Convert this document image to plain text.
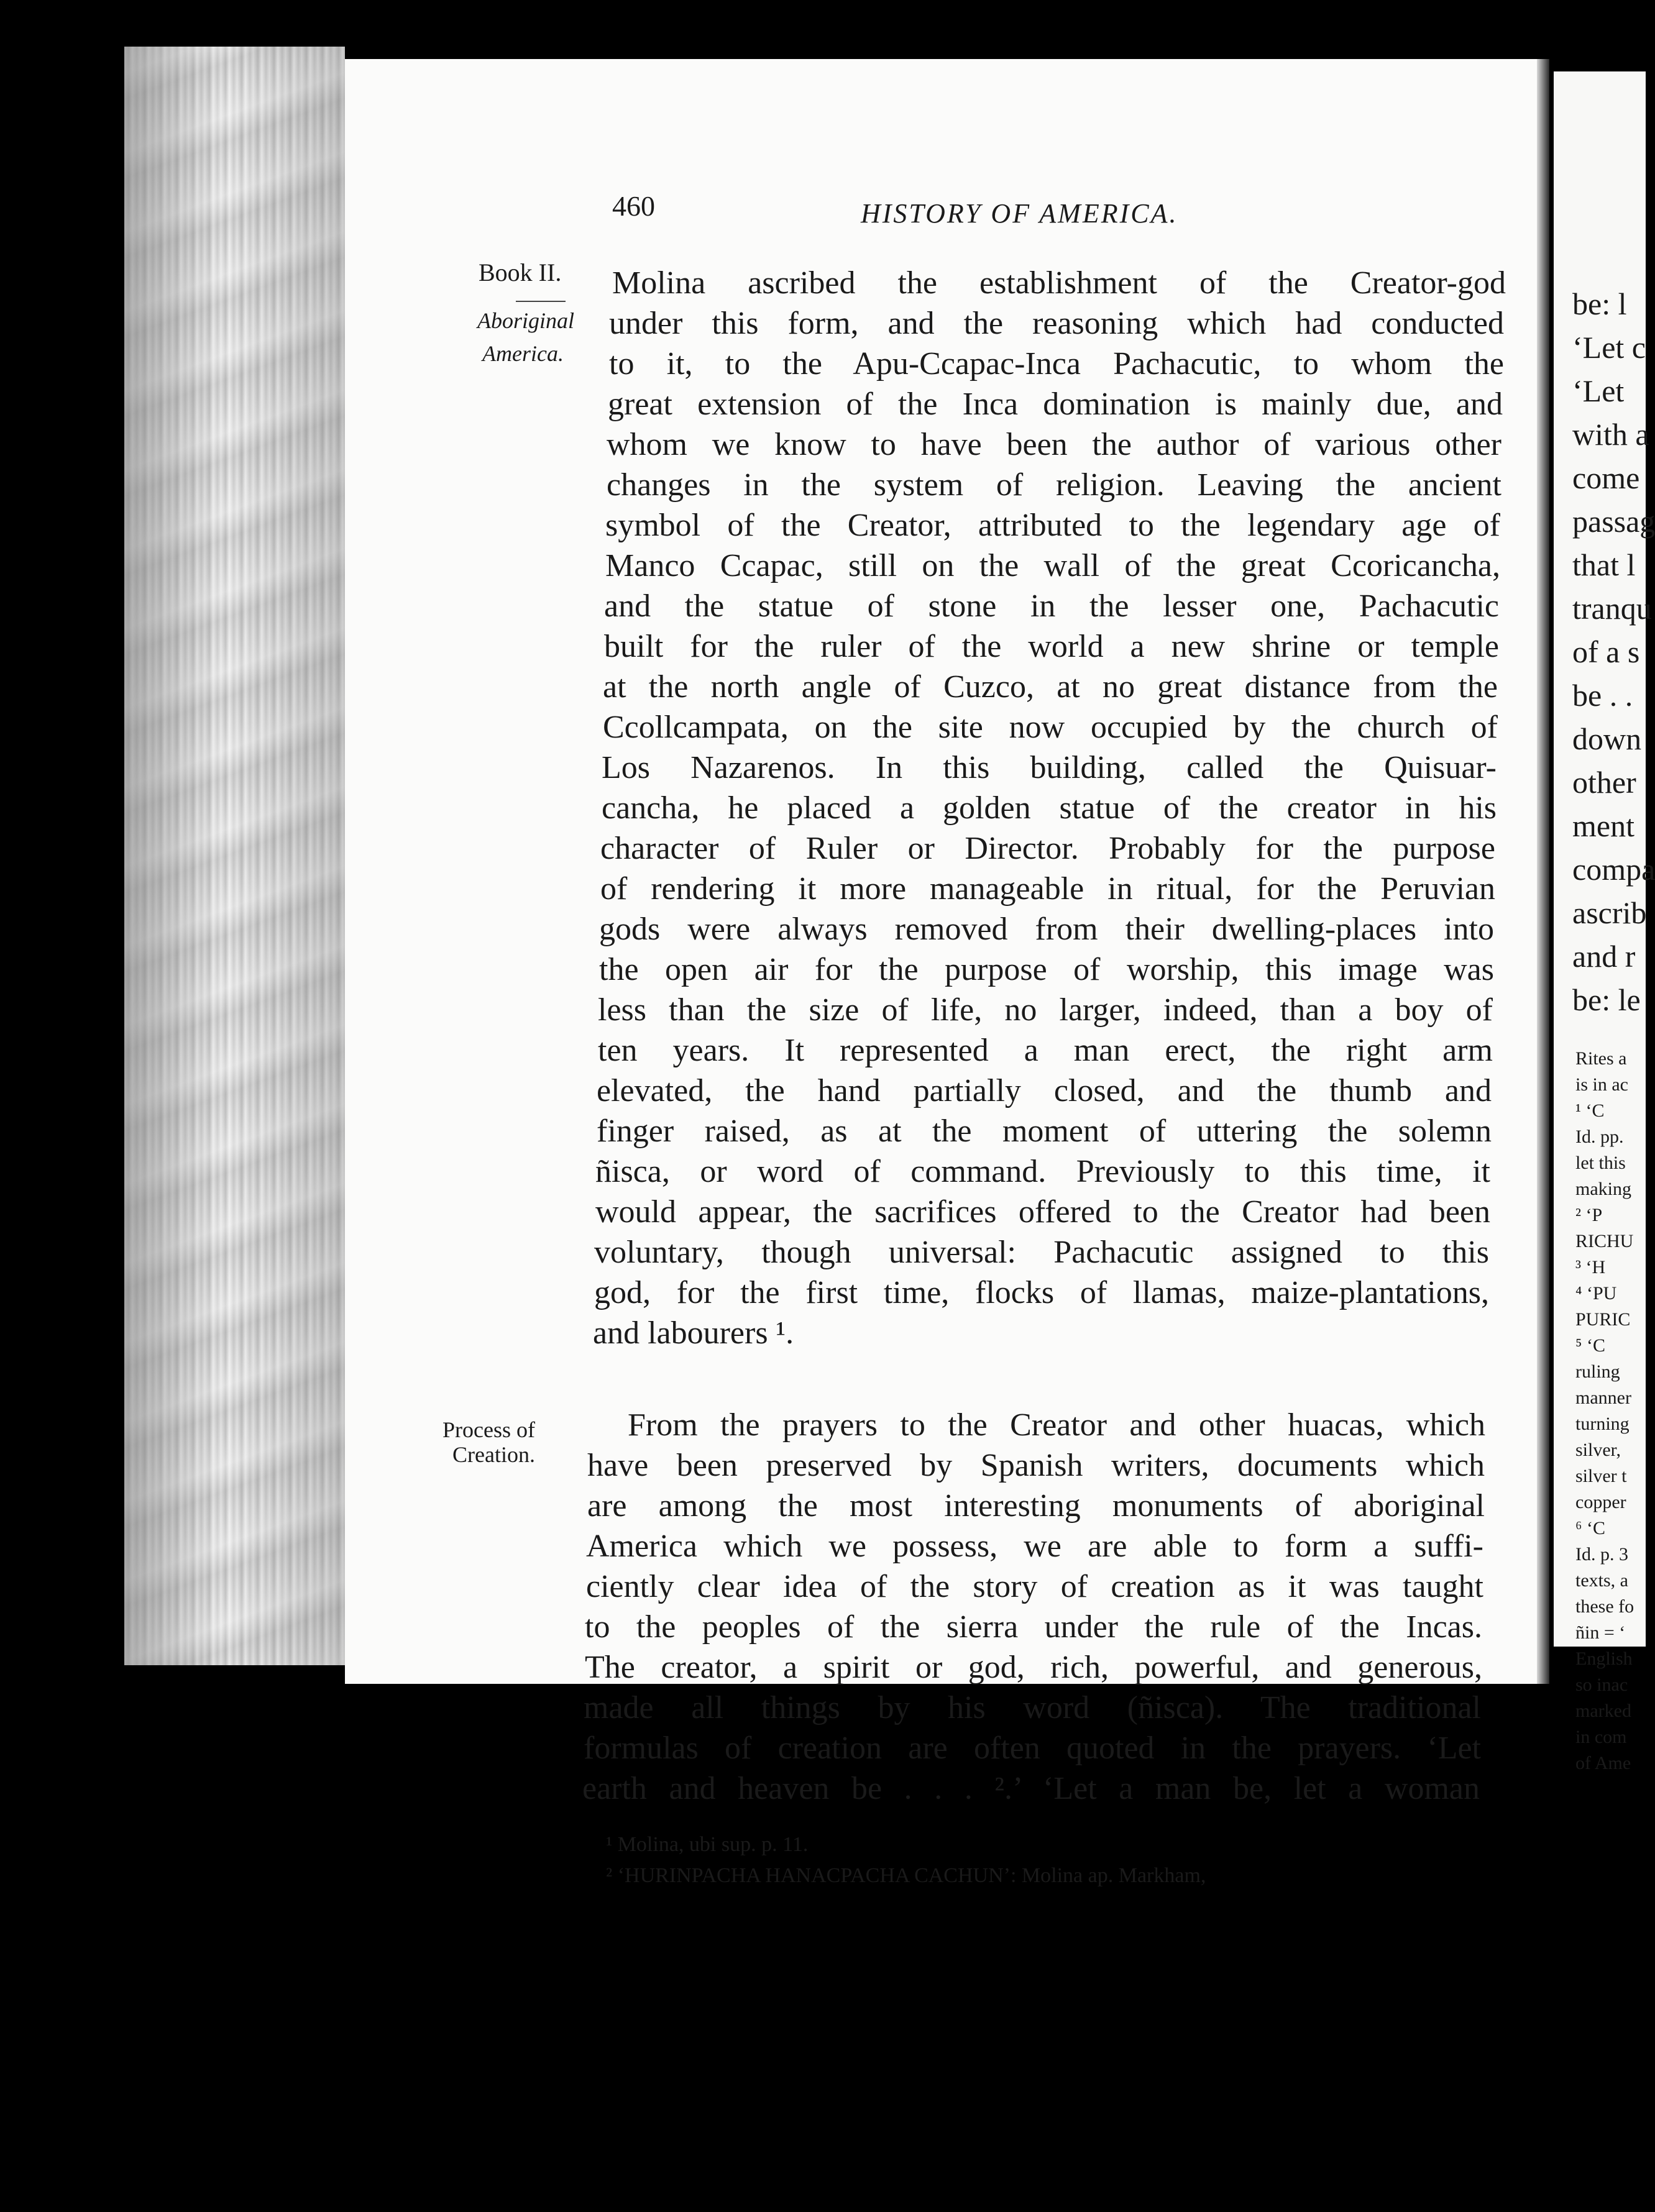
460	HISTORY OF AMERICA.
Book II.
Aboriginal
America.
Process of
Creation.
Molina ascribed the establishment of the Creator-god
under this form, and the reasoning which had conducted
to it, to the Apu-Ccapac-Inca Pachacutic, to whom the
great extension of the Inca domination is mainly due, and
whom we know to have been the author of various other
changes in the system of religion. Leaving the ancient
symbol of the Creator, attributed to the legendary age of
Manco Ccapac, still on the wall of the great Ccoricancha,
and the statue of stone in the lesser one, Pachacutic
built for the ruler of the world a new shrine or temple
at the north angle of Cuzco, at no great distance from the
Ccollcampata, on the site now occupied by the church of
Los Nazarenos. In this building, called the Quisuar-
cancha, he placed a golden statue of the creator in his
character of Ruler or Director. Probably for the purpose
of rendering it more manageable in ritual, for the Peruvian
gods were always removed from their dwelling-places into
the open air for the purpose of worship, this image was
less than the size of life, no larger, indeed, than a boy of
ten years. It represented a man erect, the right arm
elevated, the hand partially closed, and the thumb and
finger raised, as at the moment of uttering the solemn
ñisca, or word of command. Previously to this time, it
would appear, the sacrifices offered to the Creator had been
voluntary, though universal: Pachacutic assigned to this
god, for the first time, flocks of llamas, maize-plantations,
and labourers ¹.
From the prayers to the Creator and other huacas, which
have been preserved by Spanish writers, documents which
are among the most interesting monuments of aboriginal
America which we possess, we are able to form a suffi-
ciently clear idea of the story of creation as it was taught
to the peoples of the sierra under the rule of the Incas.
The creator, a spirit or god, rich, powerful, and generous,
made all things by his word (ñisca). The traditional
formulas of creation are often quoted in the prayers. ‘Let
earth and heaven be . . . ².’ ‘Let a man be, let a woman
¹ Molina, ubi sup. p. 11.
² ‘HURINPACHA HANACPACHA CACHUN’: Molina ap. Markham,
be: l
‘Let c
‘Let
with a
come
passag
that l
tranqu
of a s
be . .
down
other
ment
compa
ascrib
and r
be: le
Rites a
is in ac
¹ ‘C
Id. pp.
let this
making
² ‘P
RICHU
³ ‘H
⁴ ‘PU
PURIC
⁵ ‘C
ruling
manner
turning
silver,
silver t
copper
⁶ ‘C
Id. p. 3
texts, a
these fo
ñin = ‘
English
so inac
marked
in com
of Ame
